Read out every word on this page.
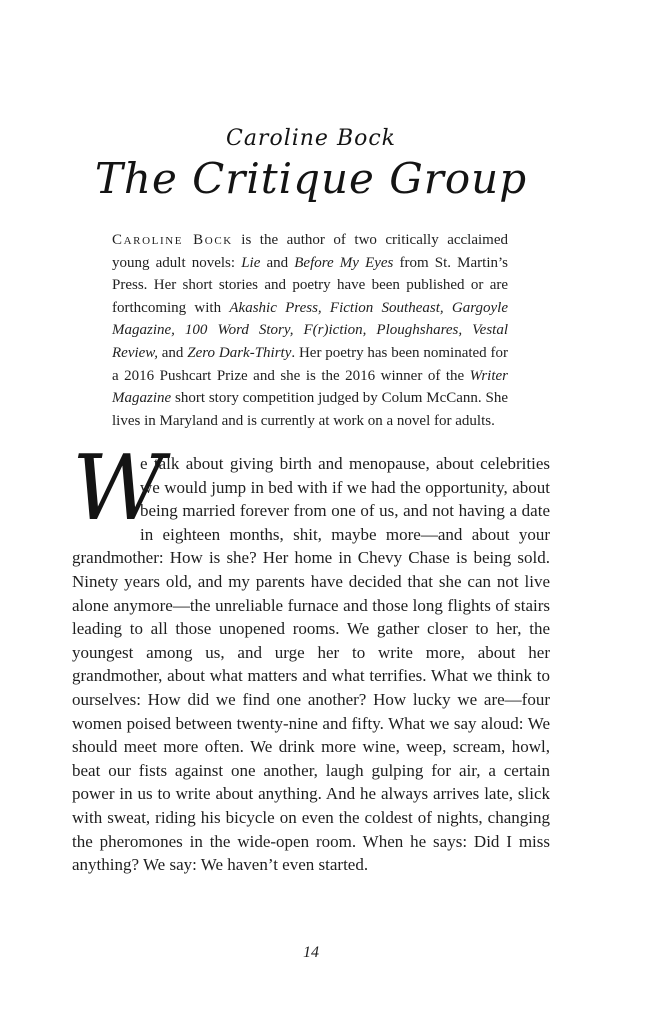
Caroline Bock
The Critique Group

Caroline Bock is the author of two critically acclaimed young adult novels: Lie and Before My Eyes from St. Martin’s Press. Her short stories and poetry have been published or are forthcoming with Akashic Press, Fiction Southeast, Gargoyle Magazine, 100 Word Story, F(r)iction, Ploughshares, Vestal Review, and Zero Dark-Thirty. Her poetry has been nominated for a 2016 Pushcart Prize and she is the 2016 winner of the Writer Magazine short story competition judged by Colum McCann. She lives in Maryland and is currently at work on a novel for adults.

W
e talk about giving birth and menopause, about celebrities we would jump in bed with if we had the opportunity, about being married forever from one of us, and not having a date in eighteen months, shit, maybe more—and about your grandmother: How is she? Her home in Chevy Chase is being sold. Ninety years old, and my parents have decided that she can not live alone anymore—the unreliable furnace and those long flights of stairs leading to all those unopened rooms. We gather closer to her, the youngest among us, and urge her to write more, about her grandmother, about what matters and what terrifies. What we think to ourselves: How did we find one another? How lucky we are—four women poised between twenty-nine and fifty. What we say aloud: We should meet more often. We drink more wine, weep, scream, howl, beat our fists against one another, laugh gulping for air, a certain power in us to write about anything. And he always arrives late, slick with sweat, riding his bicycle on even the coldest of nights, changing the pheromones in the wide-open room. When he says: Did I miss anything? We say: We haven’t even started.

14
